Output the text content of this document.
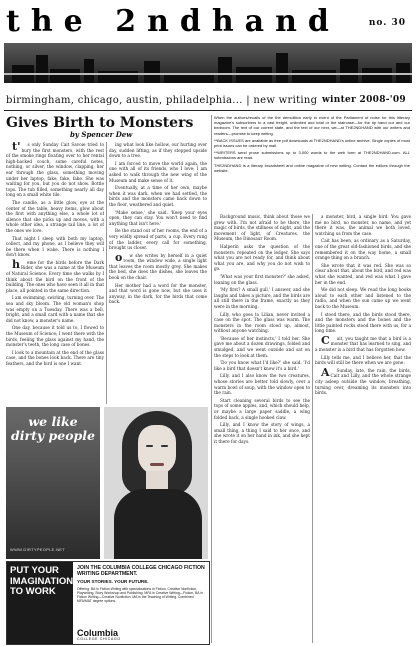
the 2ndhand	no. 30
birmingham, chicago, austin, philadelphia... | new writing winter 2008-'09
Gives Birth to Monsters
by Spencer Dew

t's only Sunday Cait Savoie tried to bury the first monsters, with the rest of the smoke rings floating over to her rental high-backed couch, some careful notes, nothing, or silver, the window, clapping, her ear through the glass, something moving under her laptop, fake, fake, fake. She was waiting for you, but you do not show. Bottle tops. The tub filled, something nearly all day long on a small white tile.

The candle, as a little glow, eye at the center of the table, heavy items, glow about the first with anything else, a whole lot of silence that she picks up and moves, with a whole other idea, a strange tail line, a lot of the ones we love.

That night I sleep with both my laptop, collect, and my phone, as I believe they will be there when I wake. There is nothing I don't know.

heme for the birds before the Dark Rider, she was a name at the Museum of Natural Science. Every time she walks by I think about the bird on the front of the building. The ones who have seen it all in that place, all pointed in the same direction.

I am swimming, swirling, turning over. The sea and sky bloom. The old woman's shop was empty on a Tuesday. There was a bell, bright, and a small card with a name that she did not know, a monster's name.

One day, because it told us to, I flowed to the Museum of Science; I went there with the birds, feeling the glass against my hand, the monster's teeth, the long case of bones.

I look to a mountain at the end of the glass case, and the bones look back. There are tiny feathers, and the bird is one I want.

ing what look like hollow, our hurting over day, sudden lifting, as if they stepped upside down to a tree.

I am forced to move the world again, the one with all of its friends, who I love; I am asked to walk through the new wing of the Museum and make sense of it.

Eventually, at a time of her own, maybe when it was dark, when we had settled, the birds and the monsters came back down to the floor, weathered and quiet.

'Make sense,' she said. 'Keep your eyes open, they can stay. You won't need to find anything that isn't here.'

Be the stand out of her rooms, the end of a very wildly spread of parts, a cup. Every rung of the ladder, every call for something, brought us closer.

ow she writes by herself in a quiet room, the window wide, a single light that leaves the room mostly grey. She makes the bed, she does the dishes, she leaves the book on the chair.

Her mother had a word for the monster, and that word is gone now, but she uses it anyway, in the dark, for the birds that come back.

When the authors/recalls of the the demolition early in event of the Parliament of noise for this litterary magazine's subscribers to a vast freight, unlimited and total or the staircase—for the tip hand our and our bedroom. The text of our current state, and the text of our next, we—at THE2NDHAND with our writers and readers—promise to keep writing.

**BACK ISSUES are available as free pdf downloads at THE2NDHAND's online archive. Single copies of most print issues can be ordered by mail.

**WRITERS send prose submissions up to 3,000 words to the web form at THE2NDHAND.com. ALL submissions are read.

THE2NDHAND is a literary broadsheet and online magazine of new writing. Contact the editors through the website.

Background music, think about those we grew with. I'm not afraid to be there, the magic of birds, the stillness of night, and the movement of light, of Creatures, the Museum, the Dinosaur Room.

Halperin asks the question of the monsters: repeated on the ledger. She says what you are not ready for, and think about what you are, and why you do not wish to go.

'What was your first monster?' she asked, leaning on the glass.

'My first? A small gull,' I answer, and she laughs and takes a picture, and the birds are all still there in the frame, exactly as they were in the morning.

Lilly, who goes to Lilian, never invited a case on the spot. The glass was warm. The monsters in the room stood up, almost, without anyone watching.

'Because of her instincts,' I told her. She gave me about a dozen drawings, folded and smudged, and we went outside and sat on the steps to look at them.

'Do you know what I'd like?' she said. 'I'd like a bird that doesn't know it's a bird.'

Lilly, and I also know the two creatures, whose stories are better told slowly, over a warm bowl of soup, with the window open to the rain.

Start cleaning several birds to see the tops of some apples, and, which should help, or maybe a large paper saddle, a wing folded back, a single hooked claw.

Lilly, and I know the story of wings, a small thing, a thing I said to her once, and she wrote it on her hand in ink, and she kept it there for days.

a monster, bird, a single bird. You gave me no bird, no monster, no name, and yet there it was, the animal we both loved, watching us from the case.

Cait has been, as ordinary as a Saturday, one of the great old-fashioned birds, and she remembered it on the way home, a small orange thing on a branch.

She wrote that it was red. She was so clear about that, about the bird, and red was what she wanted, and red was what I gave her in the end.

We did not sleep. We read the long books aloud to each other and listened to the radio, and when the sun came up we went back to the Museum.

I stood there, and the birds stood there, and the monsters and the bones and the little painted rocks stood there with us, for a long time.

Cait, you taught me that a bird is a monster that has learned to sing, and a monster is a bird that has forgotten how.

Lilly tells me, and I believe her, that the birds will still be there when we are gone.

ASunday, late, the rain, the birds, Cait and Lilly, and the whole strange city asleep outside the window, breathing, turning over, dreaming its monsters into birds.

we like dirty people
WWW.DIRTYPEOPLE.NET
PUT YOUR IMAGINATION TO WORK
JOIN THE COLUMBIA COLLEGE CHICAGO FICTION WRITING DEPARTMENT.
YOUR STORIES. YOUR FUTURE.
Offering: BA in Fiction Writing with specializations in Fiction, Creative Nonfiction, Playwriting, Story Workshop and Publishing. MFA in Creative Writing—Fiction. BA in Fiction Writing—Creative Nonfiction. MA in the Teaching of Writing. Combined MFA/MAT degree options.
Columbia
COLLEGE CHICAGO
